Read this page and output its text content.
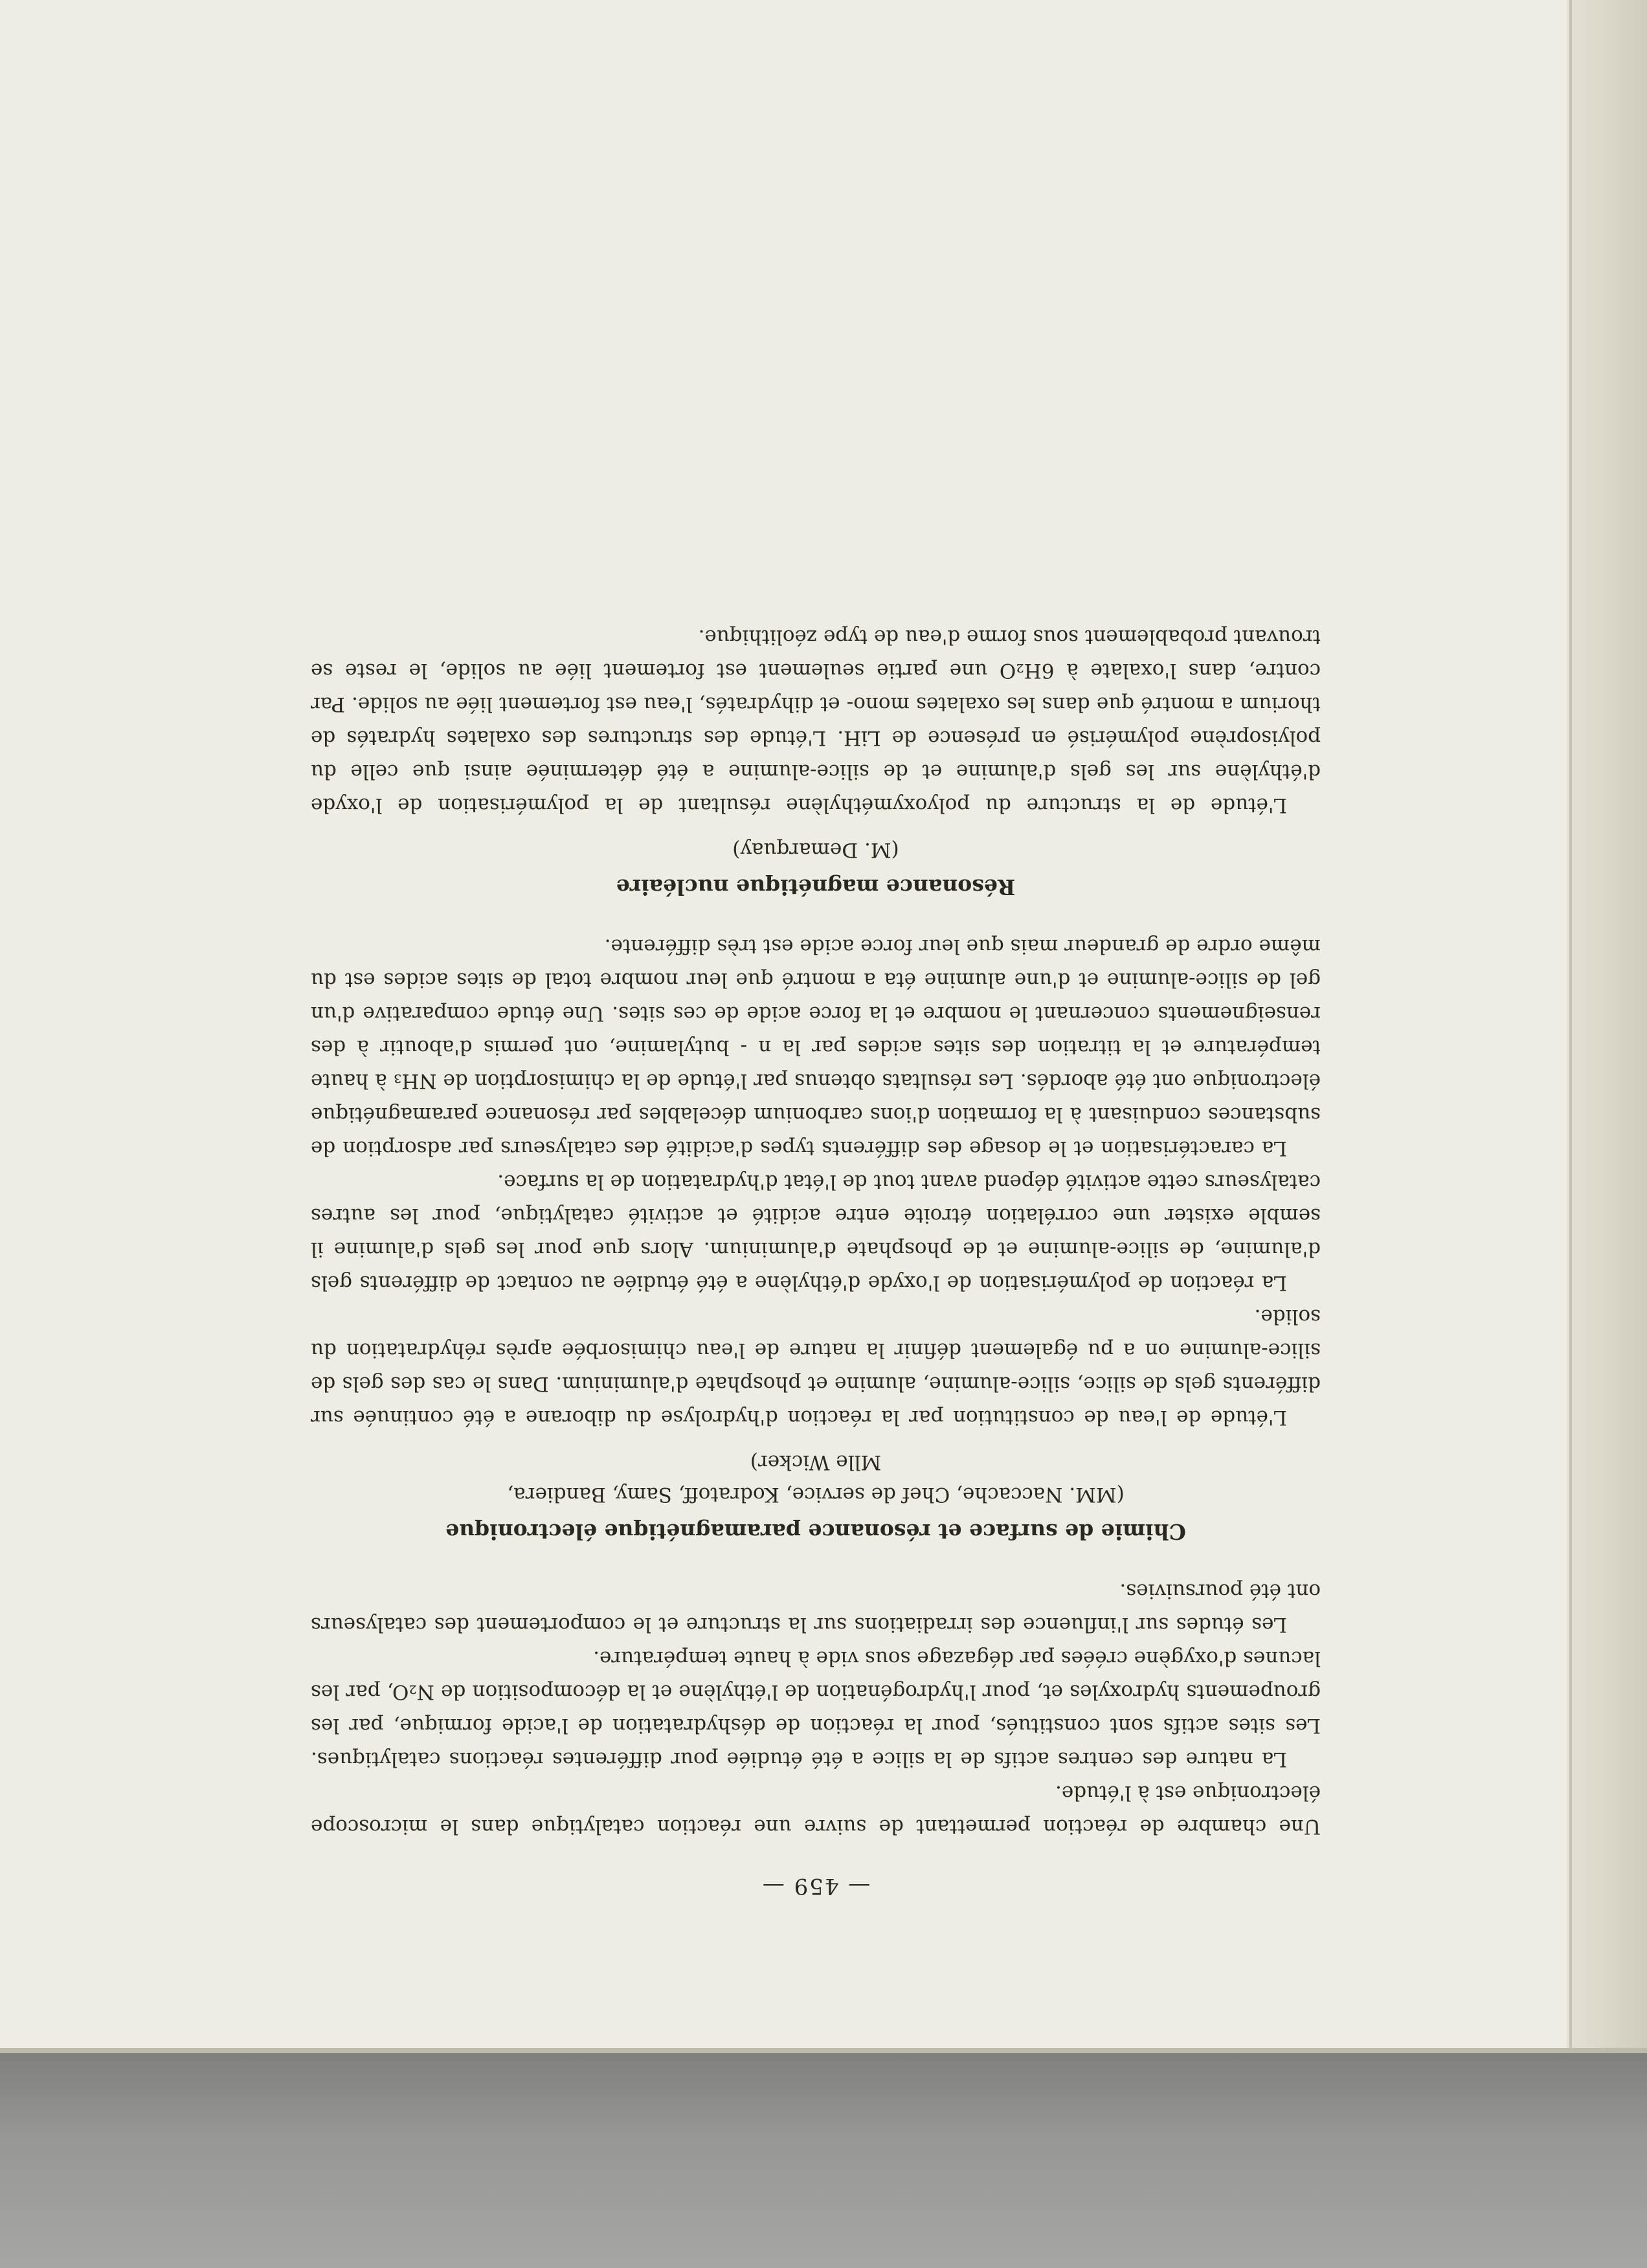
— 459 —

Une chambre de réaction permettant de suivre une réaction catalytique dans le microscope électronique est à l'étude.

La nature des centres actifs de la silice a été étudiée pour différentes réactions catalytiques. Les sites actifs sont constitués, pour la réaction de déshydratation de l'acide formique, par les groupements hydroxyles et, pour l'hydrogénation de l'éthylène et la décomposition de N₂O, par les lacunes d'oxygène créées par dégazage sous vide à haute température.

Les études sur l'influence des irradiations sur la structure et le comportement des catalyseurs ont été poursuivies.

Chimie de surface et résonance paramagnétique électronique

(MM. Naccache, Chef de service, Kodratoff, Samy, Bandiera,

Mlle Wicker)

L'étude de l'eau de constitution par la réaction d'hydrolyse du diborane a été continuée sur différents gels de silice, silice-alumine, alumine et phosphate d'aluminium. Dans le cas des gels de silice-alumine on a pu également définir la nature de l'eau chimisorbée après réhydratation du solide.

La réaction de polymérisation de l'oxyde d'éthylène a été étudiée au contact de différents gels d'alumine, de silice-alumine et de phosphate d'aluminium. Alors que pour les gels d'alumine il semble exister une corrélation étroite entre acidité et activité catalytique, pour les autres catalyseurs cette activité dépend avant tout de l'état d'hydratation de la surface.

La caractérisation et le dosage des différents types d'acidité des catalyseurs par adsorption de substances conduisant à la formation d'ions carbonium décelables par résonance paramagnétique électronique ont été abordés. Les résultats obtenus par l'étude de la chimisorption de NH₃ à haute température et la titration des sites acides par la n - butylamine, ont permis d'aboutir à des renseignements concernant le nombre et la force acide de ces sites. Une étude comparative d'un gel de silice-alumine et d'une alumine éta a montré que leur nombre total de sites acides est du même ordre de grandeur mais que leur force acide est très différente.

Résonance magnétique nucléaire

(M. Demarquay)

L'étude de la structure du polyoxyméthylène résultant de la polymérisation de l'oxyde d'éthylène sur les gels d'alumine et de silice-alumine a été déterminée ainsi que celle du polyisoprène polymérisé en présence de LiH. L'étude des structures des oxalates hydratés de thorium a montré que dans les oxalates mono- et dihydratés, l'eau est fortement liée au solide. Par contre, dans l'oxalate à 6H₂O une partie seulement est fortement liée au solide, le reste se trouvant probablement sous forme d'eau de type zéolithique.
